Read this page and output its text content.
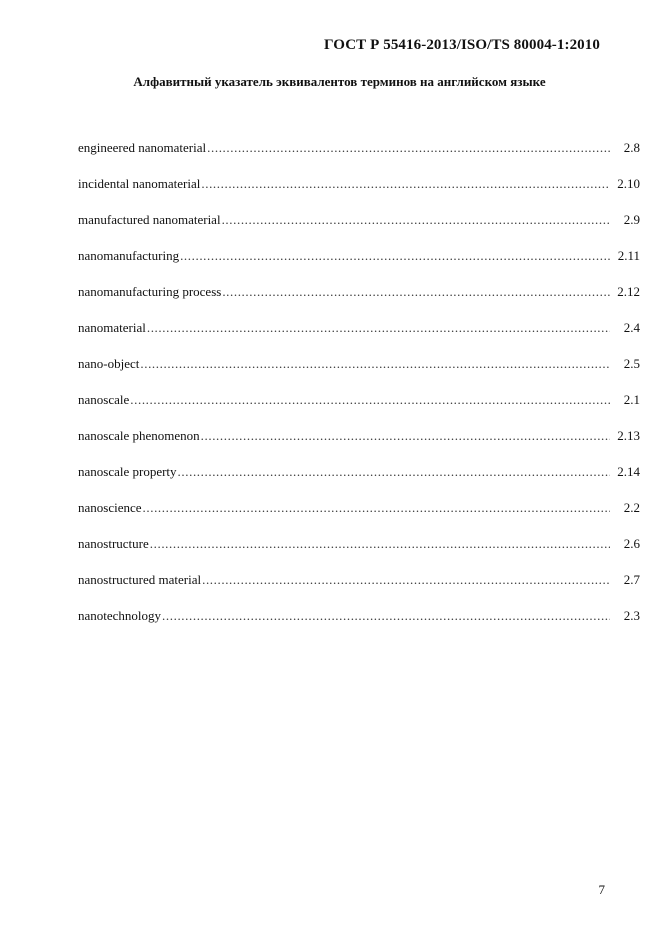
ГОСТ Р 55416-2013/ISO/TS 80004-1:2010
Алфавитный указатель эквивалентов терминов на английском языке
engineered nanomaterial .....	2.8
incidental nanomaterial .....	2.10
manufactured nanomaterial .....	2.9
nanomanufacturing .....	2.11
nanomanufacturing process .....	2.12
nanomaterial .....	2.4
nano-object .....	2.5
nanoscale .....	2.1
nanoscale phenomenon .....	2.13
nanoscale property .....	2.14
nanoscience .....	2.2
nanostructure .....	2.6
nanostructured material .....	2.7
nanotechnology .....	2.3
7
